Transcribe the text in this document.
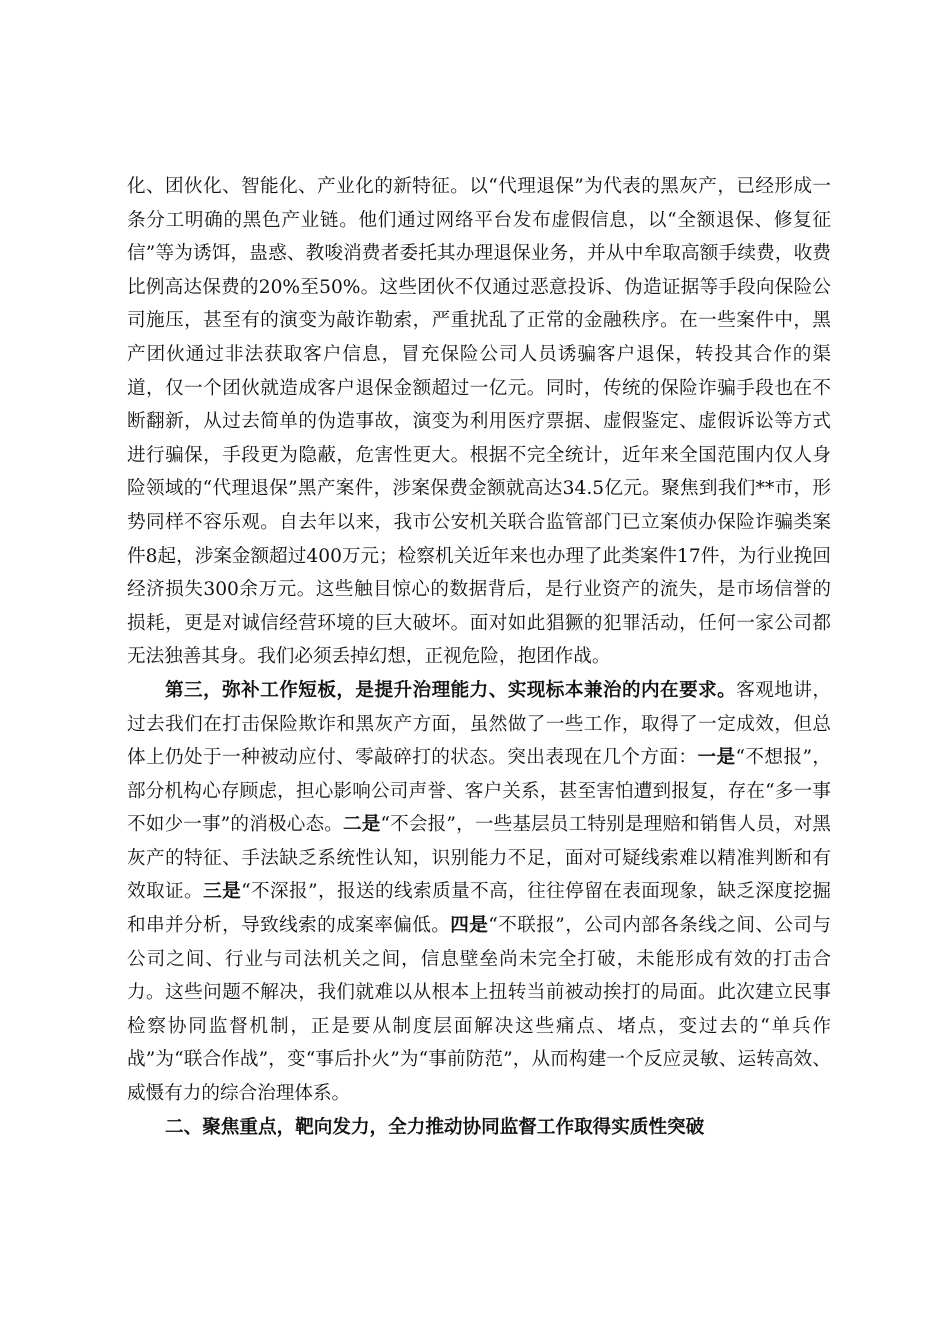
化、团伙化、智能化、产业化的新特征。以“代理退保”为代表的黑灰产，已经形成一条分工明确的黑色产业链。他们通过网络平台发布虚假信息，以“全额退保、修复征信”等为诱饵，蛊惑、教唆消费者委托其办理退保业务，并从中牟取高额手续费，收费比例高达保费的20%至50%。这些团伙不仅通过恶意投诉、伪造证据等手段向保险公司施压，甚至有的演变为敲诈勒索，严重扰乱了正常的金融秩序。在一些案件中，黑产团伙通过非法获取客户信息，冒充保险公司人员诱骗客户退保，转投其合作的渠道，仅一个团伙就造成客户退保金额超过一亿元。同时，传统的保险诈骗手段也在不断翻新，从过去简单的伪造事故，演变为利用医疗票据、虚假鉴定、虚假诉讼等方式进行骗保，手段更为隐蔽，危害性更大。根据不完全统计，近年来全国范围内仅人身险领域的“代理退保”黑产案件，涉案保费金额就高达34.5亿元。聚焦到我们**市，形势同样不容乐观。自去年以来，我市公安机关联合监管部门已立案侦办保险诈骗类案件8起，涉案金额超过400万元；检察机关近年来也办理了此类案件17件，为行业挽回经济损失300余万元。这些触目惊心的数据背后，是行业资产的流失，是市场信誉的损耗，更是对诚信经营环境的巨大破坏。面对如此猖獗的犯罪活动，任何一家公司都无法独善其身。我们必须丢掉幻想，正视危险，抱团作战。

第三，弥补工作短板，是提升治理能力、实现标本兼治的内在要求。客观地讲，过去我们在打击保险欺诈和黑灰产方面，虽然做了一些工作，取得了一定成效，但总体上仍处于一种被动应付、零敲碎打的状态。突出表现在几个方面：一是“不想报”，部分机构心存顾虑，担心影响公司声誉、客户关系，甚至害怕遭到报复，存在“多一事不如少一事”的消极心态。二是“不会报”，一些基层员工特别是理赔和销售人员，对黑灰产的特征、手法缺乏系统性认知，识别能力不足，面对可疑线索难以精准判断和有效取证。三是“不深报”，报送的线索质量不高，往往停留在表面现象，缺乏深度挖掘和串并分析，导致线索的成案率偏低。四是“不联报”，公司内部各条线之间、公司与公司之间、行业与司法机关之间，信息壁垒尚未完全打破，未能形成有效的打击合力。这些问题不解决，我们就难以从根本上扭转当前被动挨打的局面。此次建立民事检察协同监督机制，正是要从制度层面解决这些痛点、堵点，变过去的“单兵作战”为“联合作战”，变“事后扑火”为“事前防范”，从而构建一个反应灵敏、运转高效、威慑有力的综合治理体系。

二、聚焦重点，靶向发力，全力推动协同监督工作取得实质性突破
